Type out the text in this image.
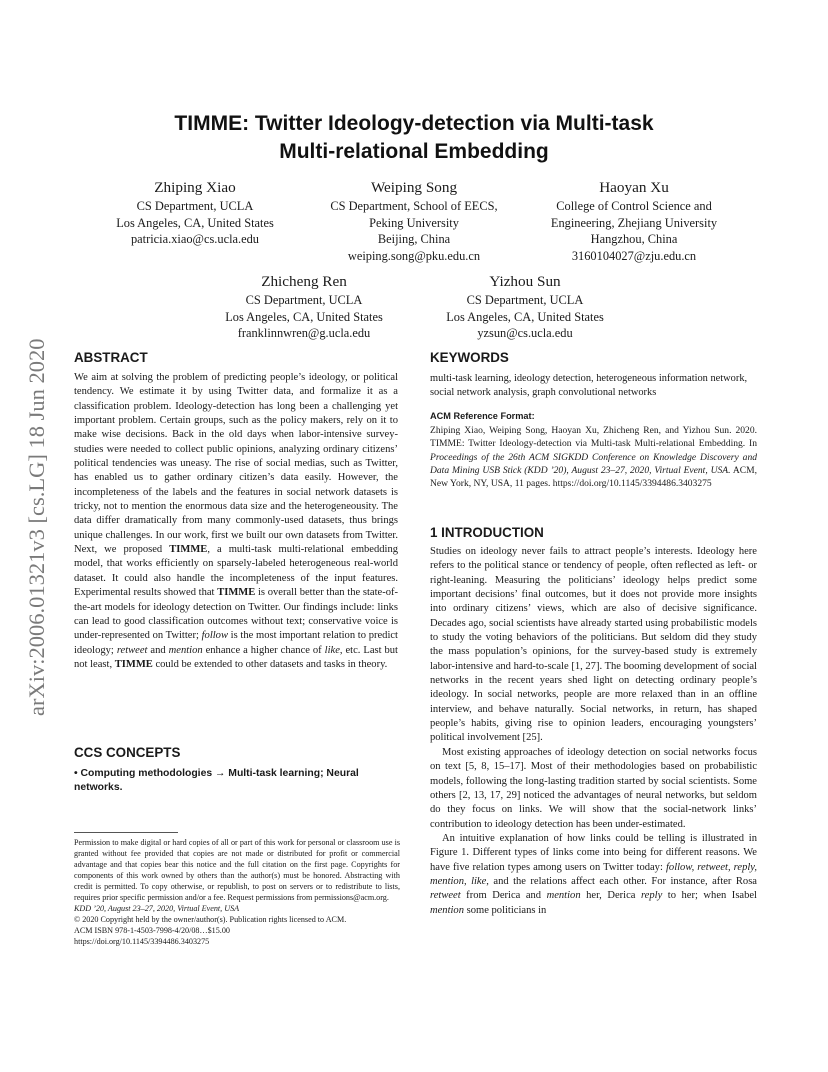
arXiv:2006.01321v3 [cs.LG] 18 Jun 2020
TIMME: Twitter Ideology-detection via Multi-task
Multi-relational Embedding
Zhiping Xiao
CS Department, UCLA
Los Angeles, CA, United States
patricia.xiao@cs.ucla.edu
Weiping Song
CS Department, School of EECS,
Peking University
Beijing, China
weiping.song@pku.edu.cn
Haoyan Xu
College of Control Science and
Engineering, Zhejiang University
Hangzhou, China
3160104027@zju.edu.cn
Zhicheng Ren
CS Department, UCLA
Los Angeles, CA, United States
franklinnwren@g.ucla.edu
Yizhou Sun
CS Department, UCLA
Los Angeles, CA, United States
yzsun@cs.ucla.edu
ABSTRACT

We aim at solving the problem of predicting people’s ideology, or political tendency. We estimate it by using Twitter data, and formalize it as a classification problem. Ideology-detection has long been a challenging yet important problem. Certain groups, such as the policy makers, rely on it to make wise decisions. Back in the old days when labor-intensive survey-studies were needed to collect public opinions, analyzing ordinary citizens’ political tendencies was uneasy. The rise of social medias, such as Twitter, has enabled us to gather ordinary citizen’s data easily. However, the incompleteness of the labels and the features in social network datasets is tricky, not to mention the enormous data size and the heterogeneousity. The data differ dramatically from many commonly-used datasets, thus brings unique challenges. In our work, first we built our own datasets from Twitter. Next, we proposed TIMME, a multi-task multi-relational embedding model, that works efficiently on sparsely-labeled heterogeneous real-world dataset. It could also handle the incompleteness of the input features. Experimental results showed that TIMME is overall better than the state-of-the-art models for ideology detection on Twitter. Our findings include: links can lead to good classification outcomes without text; conservative voice is under-represented on Twitter; follow is the most important relation to predict ideology; retweet and mention enhance a higher chance of like, etc. Last but not least, TIMME could be extended to other datasets and tasks in theory.

CCS CONCEPTS
• Computing methodologies → Multi-task learning; Neural networks.
Permission to make digital or hard copies of all or part of this work for personal or classroom use is granted without fee provided that copies are not made or distributed for profit or commercial advantage and that copies bear this notice and the full citation on the first page. Copyrights for components of this work owned by others than the author(s) must be honored. Abstracting with credit is permitted. To copy otherwise, or republish, to post on servers or to redistribute to lists, requires prior specific permission and/or a fee. Request permissions from permissions@acm.org.
KDD ’20, August 23–27, 2020, Virtual Event, USA
© 2020 Copyright held by the owner/author(s). Publication rights licensed to ACM.
ACM ISBN 978-1-4503-7998-4/20/08…$15.00
https://doi.org/10.1145/3394486.3403275
KEYWORDS
multi-task learning, ideology detection, heterogeneous information network, social network analysis, graph convolutional networks
ACM Reference Format:
Zhiping Xiao, Weiping Song, Haoyan Xu, Zhicheng Ren, and Yizhou Sun. 2020. TIMME: Twitter Ideology-detection via Multi-task Multi-relational Embedding. In Proceedings of the 26th ACM SIGKDD Conference on Knowledge Discovery and Data Mining USB Stick (KDD ’20), August 23–27, 2020, Virtual Event, USA. ACM, New York, NY, USA, 11 pages. https://doi.org/10.1145/3394486.3403275
1 INTRODUCTION

Studies on ideology never fails to attract people’s interests. Ideology here refers to the political stance or tendency of people, often reflected as left- or right-leaning. Measuring the politicians’ ideology helps predict some important decisions’ final outcomes, but it does not provide more insights into ordinary citizens’ views, which are also of decisive significance. Decades ago, social scientists have already started using probabilistic models to study the voting behaviors of the politicians. But seldom did they study the mass population’s opinions, for the survey-based study is extremely labor-intensive and hard-to-scale [1, 27]. The booming development of social networks in the recent years shed light on detecting ordinary people’s ideology. In social networks, people are more relaxed than in an offline interview, and behave naturally. Social networks, in return, has shaped people’s habits, giving rise to opinion leaders, encouraging youngsters’ political involvement [25].

Most existing approaches of ideology detection on social networks focus on text [5, 8, 15–17]. Most of their methodologies based on probabilistic models, following the long-lasting tradition started by social scientists. Some others [2, 13, 17, 29] noticed the advantages of neural networks, but seldom do they focus on links. We will show that the social-network links’ contribution to ideology detection has been under-estimated.

An intuitive explanation of how links could be telling is illustrated in Figure 1. Different types of links come into being for different reasons. We have five relation types among users on Twitter today: follow, retweet, reply, mention, like, and the relations affect each other. For instance, after Rosa retweet from Derica and mention her, Derica reply to her; when Isabel mention some politicians in
